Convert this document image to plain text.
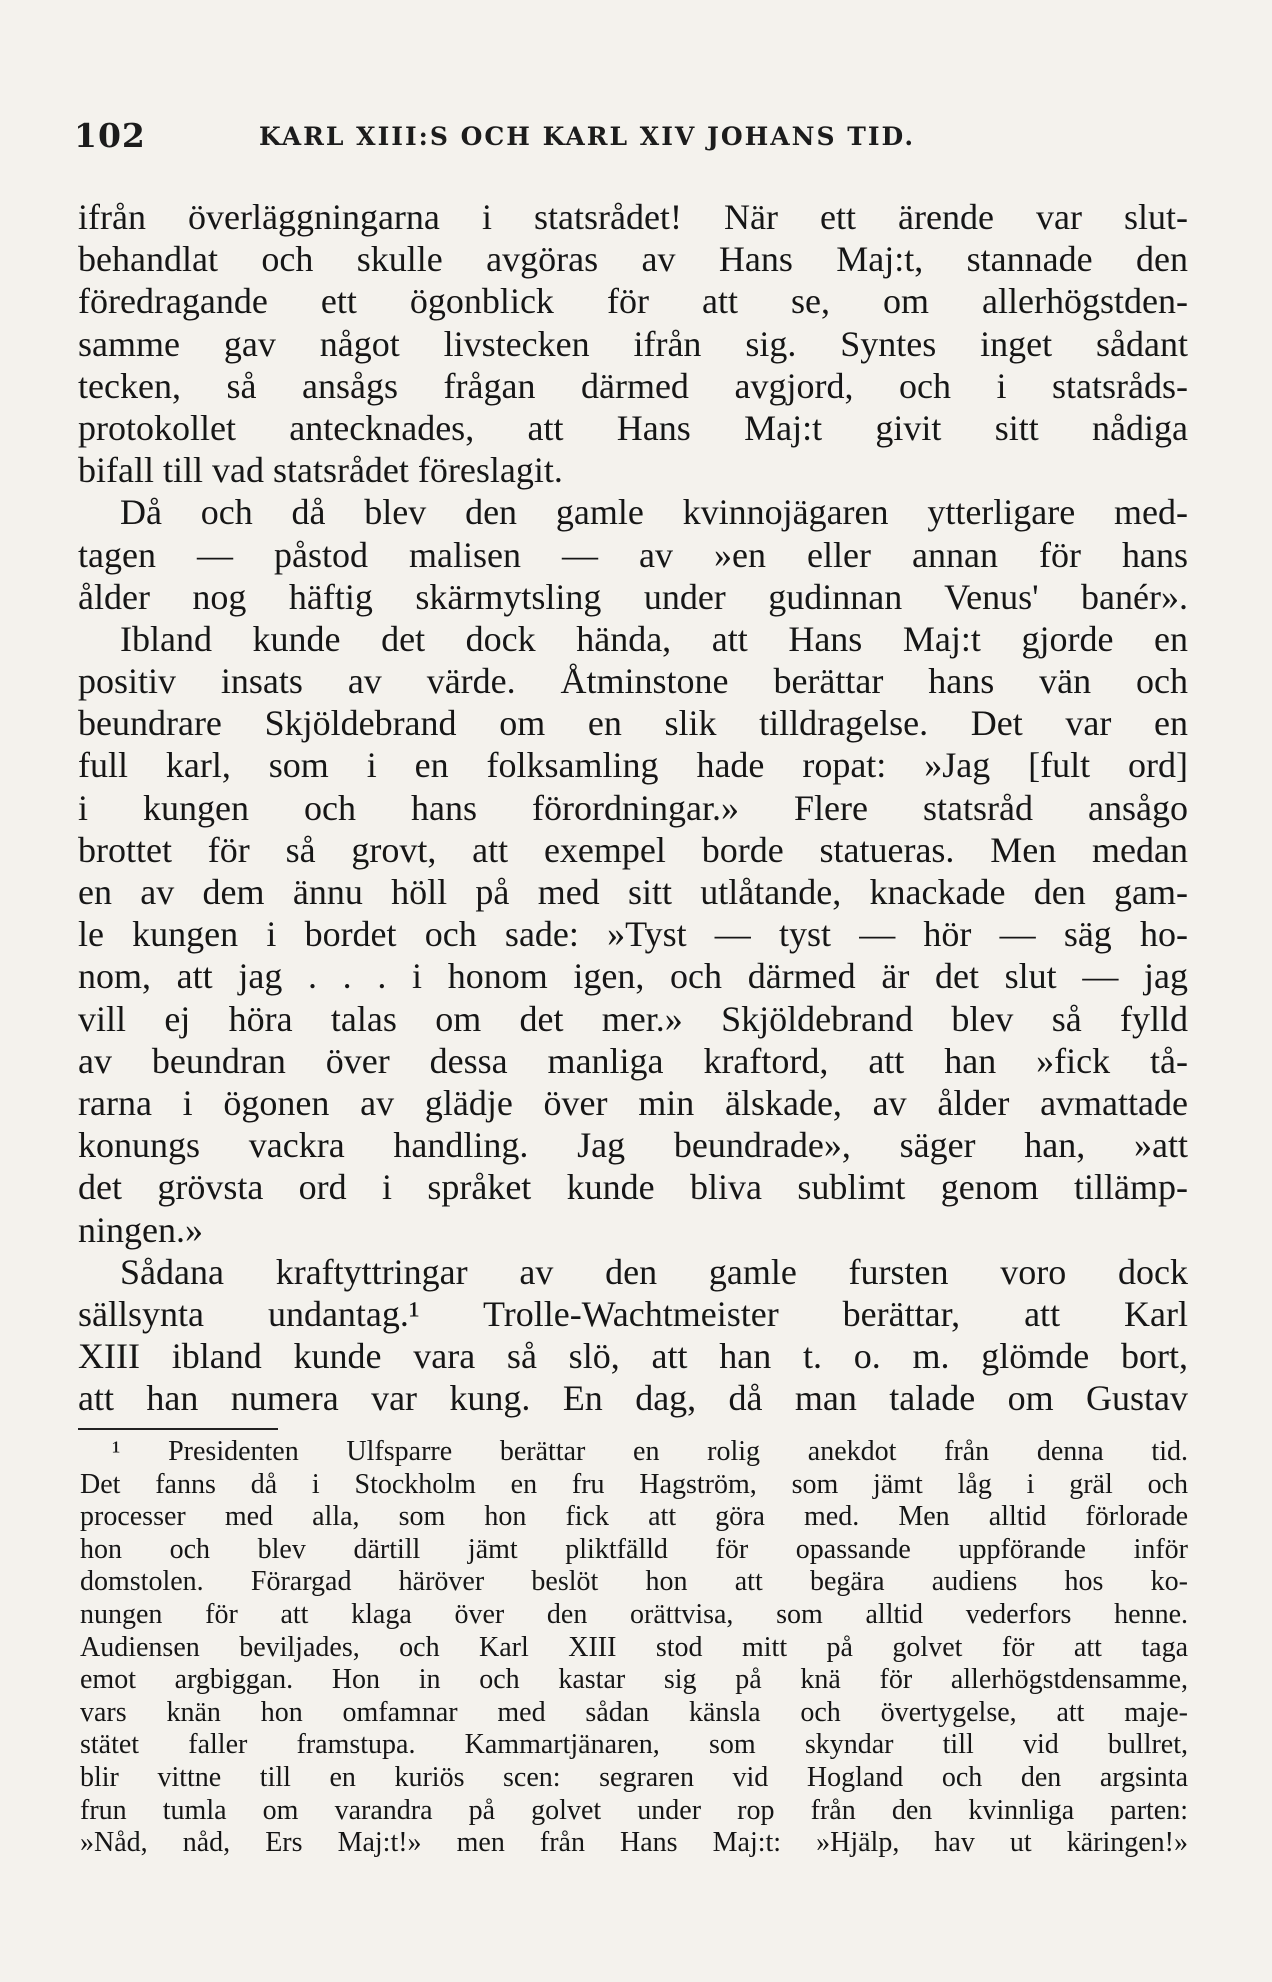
102	KARL XIII:S OCH KARL XIV JOHANS TID.
ifrån överläggningarna i statsrådet! När ett ärende var slut-
behandlat och skulle avgöras av Hans Maj:t, stannade den
föredragande ett ögonblick för att se, om allerhögstden-
samme gav något livstecken ifrån sig. Syntes inget sådant
tecken, så ansågs frågan därmed avgjord, och i statsråds-
protokollet antecknades, att Hans Maj:t givit sitt nådiga
bifall till vad statsrådet föreslagit.
Då och då blev den gamle kvinnojägaren ytterligare med-
tagen — påstod malisen — av »en eller annan för hans
ålder nog häftig skärmytsling under gudinnan Venus' banér».
Ibland kunde det dock hända, att Hans Maj:t gjorde en
positiv insats av värde. Åtminstone berättar hans vän och
beundrare Skjöldebrand om en slik tilldragelse. Det var en
full karl, som i en folksamling hade ropat: »Jag [fult ord]
i kungen och hans förordningar.» Flere statsråd ansågo
brottet för så grovt, att exempel borde statueras. Men medan
en av dem ännu höll på med sitt utlåtande, knackade den gam-
le kungen i bordet och sade: »Tyst — tyst — hör — säg ho-
nom, att jag . . . i honom igen, och därmed är det slut — jag
vill ej höra talas om det mer.» Skjöldebrand blev så fylld
av beundran över dessa manliga kraftord, att han »fick tå-
rarna i ögonen av glädje över min älskade, av ålder avmattade
konungs vackra handling. Jag beundrade», säger han, »att
det grövsta ord i språket kunde bliva sublimt genom tillämp-
ningen.»
Sådana kraftyttringar av den gamle fursten voro dock
sällsynta undantag.¹ Trolle-Wachtmeister berättar, att Karl
XIII ibland kunde vara så slö, att han t. o. m. glömde bort,
att han numera var kung. En dag, då man talade om Gustav
¹ Presidenten Ulfsparre berättar en rolig anekdot från denna tid.
Det fanns då i Stockholm en fru Hagström, som jämt låg i gräl och
processer med alla, som hon fick att göra med. Men alltid förlorade
hon och blev därtill jämt pliktfälld för opassande uppförande inför
domstolen. Förargad häröver beslöt hon att begära audiens hos ko-
nungen för att klaga över den orättvisa, som alltid vederfors henne.
Audiensen beviljades, och Karl XIII stod mitt på golvet för att taga
emot argbiggan. Hon in och kastar sig på knä för allerhögstdensamme,
vars knän hon omfamnar med sådan känsla och övertygelse, att maje-
stätet faller framstupa. Kammartjänaren, som skyndar till vid bullret,
blir vittne till en kuriös scen: segraren vid Hogland och den argsinta
frun tumla om varandra på golvet under rop från den kvinnliga parten:
»Nåd, nåd, Ers Maj:t!» men från Hans Maj:t: »Hjälp, hav ut käringen!»
